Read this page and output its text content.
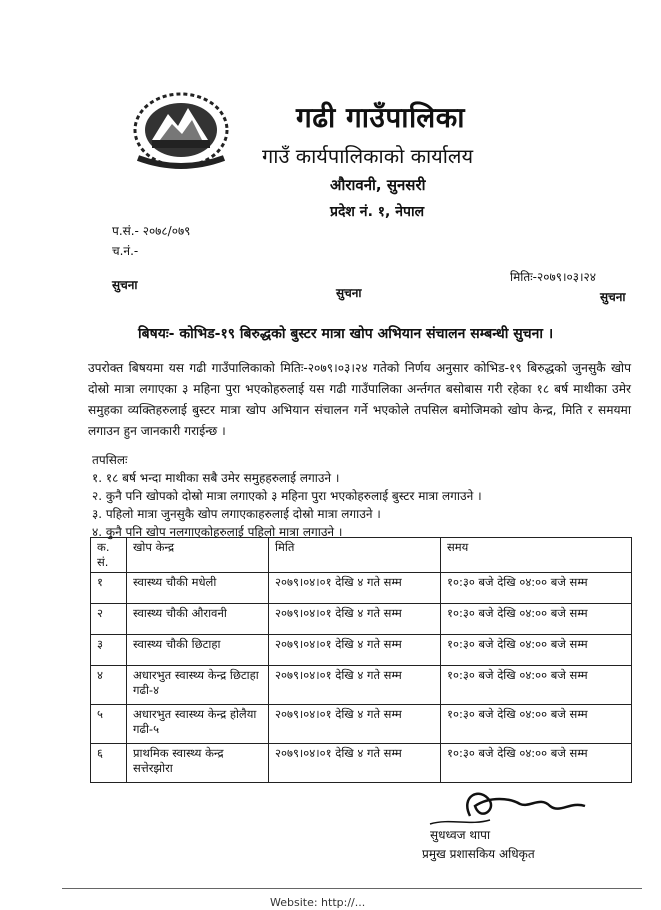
गढी गाउँपालिका
गाउँ कार्यपालिकाको कार्यालय
औरावनी, सुनसरी
प्रदेश नं. १, नेपाल
प.सं.- २०७८/०७९
च.नं.-
मितिः-२०७९।०३।२४
सुचना
सुचना	सुचना
बिषयः- कोभिड-१९ बिरुद्धको बुस्टर मात्रा खोप अभियान संचालन सम्बन्धी सुचना ।
उपरोक्त बिषयमा यस गढी गाउँपालिकाको मितिः-२०७९।०३।२४ गतेको निर्णय अनुसार कोभिड-१९ बिरुद्धको जुनसुकै खोप दोस्रो मात्रा लगाएका ३ महिना पुरा भएकोहरुलाई यस गढी गाउँपालिका अर्न्तगत बसोबास गरी रहेका १८ बर्ष माथीका उमेर समुहका व्यक्तिहरुलाई बुस्टर मात्रा खोप अभियान संचालन गर्ने भएकोले तपसिल बमोजिमको खोप केन्द्र, मिति र समयमा लगाउन हुन जानकारी गराईन्छ ।
तपसिलः
१. १८ बर्ष भन्दा माथीका सबै उमेर समुहहरुलाई लगाउने ।
२. कुनै पनि खोपको दोस्रो मात्रा लगाएको ३ महिना पुरा भएकोहरुलाई बुस्टर मात्रा लगाउने ।
३. पहिलो मात्रा जुनसुकै खोप लगाएकाहरुलाई दोस्रो मात्रा लगाउने ।
४. कुनै पनि खोप नलगाएकोहरुलाई पहिलो मात्रा लगाउने ।
क. सं.	खोप केन्द्र	मिति	समय
१	स्वास्थ्य चौकी मधेली	२०७९।०४।०१ देखि ४ गते सम्म	१०:३० बजे देखि ०४:०० बजे सम्म
२	स्वास्थ्य चौकी औरावनी	२०७९।०४।०१ देखि ४ गते सम्म	१०:३० बजे देखि ०४:०० बजे सम्म
३	स्वास्थ्य चौकी छिटाहा	२०७९।०४।०१ देखि ४ गते सम्म	१०:३० बजे देखि ०४:०० बजे सम्म
४	अधारभुत स्वास्थ्य केन्द्र छिटाहा गढी-४	२०७९।०४।०१ देखि ४ गते सम्म	१०:३० बजे देखि ०४:०० बजे सम्म
५	अधारभुत स्वास्थ्य केन्द्र होलैया गढी-५	२०७९।०४।०१ देखि ४ गते सम्म	१०:३० बजे देखि ०४:०० बजे सम्म
६	प्राथमिक स्वास्थ्य केन्द्र सत्तेरझोरा	२०७९।०४।०१ देखि ४ गते सम्म	१०:३० बजे देखि ०४:०० बजे सम्म
सुधध्वज थापा
प्रमुख प्रशासकिय अधिकृत
Website: http://...
